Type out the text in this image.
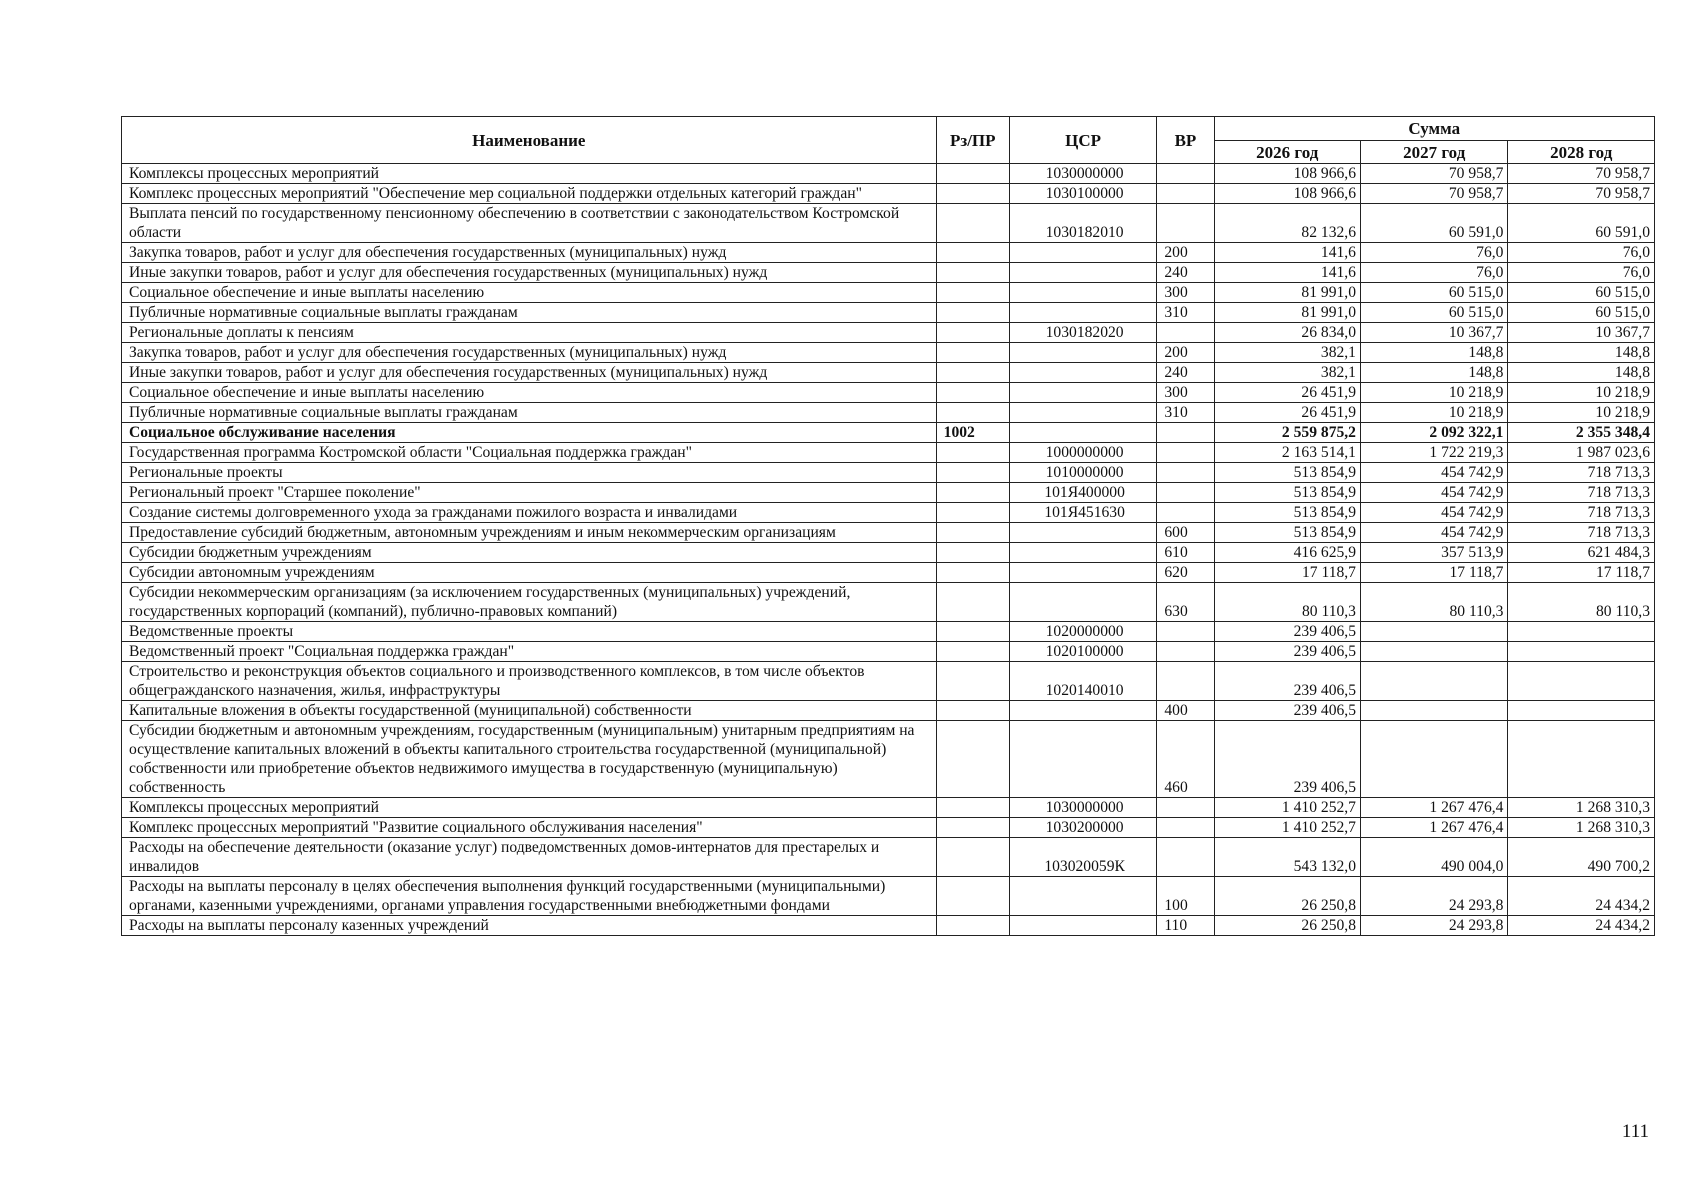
Наименование	Рз/ПР	ЦСР	ВР	Сумма		
				2026 год	2027 год	2028 год
Комплексы процессных мероприятий		1030000000		108 966,6	70 958,7	70 958,7
Комплекс процессных мероприятий "Обеспечение мер социальной поддержки отдельных категорий граждан"		1030100000		108 966,6	70 958,7	70 958,7
Выплата пенсий по государственному пенсионному обеспечению в соответствии с законодательством Костромской области		1030182010		82 132,6	60 591,0	60 591,0
Закупка товаров, работ и услуг для обеспечения государственных (муниципальных) нужд			200	141,6	76,0	76,0
Иные закупки товаров, работ и услуг для обеспечения государственных (муниципальных) нужд			240	141,6	76,0	76,0
Социальное обеспечение и иные выплаты населению			300	81 991,0	60 515,0	60 515,0
Публичные нормативные социальные выплаты гражданам			310	81 991,0	60 515,0	60 515,0
Региональные доплаты к пенсиям		1030182020		26 834,0	10 367,7	10 367,7
Закупка товаров, работ и услуг для обеспечения государственных (муниципальных) нужд			200	382,1	148,8	148,8
Иные закупки товаров, работ и услуг для обеспечения государственных (муниципальных) нужд			240	382,1	148,8	148,8
Социальное обеспечение и иные выплаты населению			300	26 451,9	10 218,9	10 218,9
Публичные нормативные социальные выплаты гражданам			310	26 451,9	10 218,9	10 218,9
Социальное обслуживание населения	1002			2 559 875,2	2 092 322,1	2 355 348,4
Государственная программа Костромской области "Социальная поддержка граждан"		1000000000		2 163 514,1	1 722 219,3	1 987 023,6
Региональные проекты		1010000000		513 854,9	454 742,9	718 713,3
Региональный проект "Старшее поколение"		101Я400000		513 854,9	454 742,9	718 713,3
Создание системы долговременного ухода за гражданами пожилого возраста и инвалидами		101Я451630		513 854,9	454 742,9	718 713,3
Предоставление субсидий бюджетным, автономным учреждениям и иным некоммерческим организациям			600	513 854,9	454 742,9	718 713,3
Субсидии бюджетным учреждениям			610	416 625,9	357 513,9	621 484,3
Субсидии автономным учреждениям			620	17 118,7	17 118,7	17 118,7
Субсидии некоммерческим организациям (за исключением государственных (муниципальных) учреждений, государственных корпораций (компаний), публично-правовых компаний)			630	80 110,3	80 110,3	80 110,3
Ведомственные проекты		1020000000		239 406,5		
Ведомственный проект "Социальная поддержка граждан"		1020100000		239 406,5		
Строительство и реконструкция объектов социального и производственного комплексов, в том числе объектов общегражданского назначения, жилья, инфраструктуры		1020140010		239 406,5		
Капитальные вложения в объекты государственной (муниципальной) собственности			400	239 406,5		
Субсидии бюджетным и автономным учреждениям, государственным (муниципальным) унитарным предприятиям на осуществление капитальных вложений в объекты капитального строительства государственной (муниципальной) собственности или приобретение объектов недвижимого имущества в государственную (муниципальную) собственность			460	239 406,5		
Комплексы процессных мероприятий		1030000000		1 410 252,7	1 267 476,4	1 268 310,3
Комплекс процессных мероприятий "Развитие социального обслуживания населения"		1030200000		1 410 252,7	1 267 476,4	1 268 310,3
Расходы на обеспечение деятельности (оказание услуг) подведомственных домов-интернатов для престарелых и инвалидов		103020059К		543 132,0	490 004,0	490 700,2
Расходы на выплаты персоналу в целях обеспечения выполнения функций государственными (муниципальными) органами, казенными учреждениями, органами управления государственными внебюджетными фондами			100	26 250,8	24 293,8	24 434,2
Расходы на выплаты персоналу казенных учреждений			110	26 250,8	24 293,8	24 434,2
111
